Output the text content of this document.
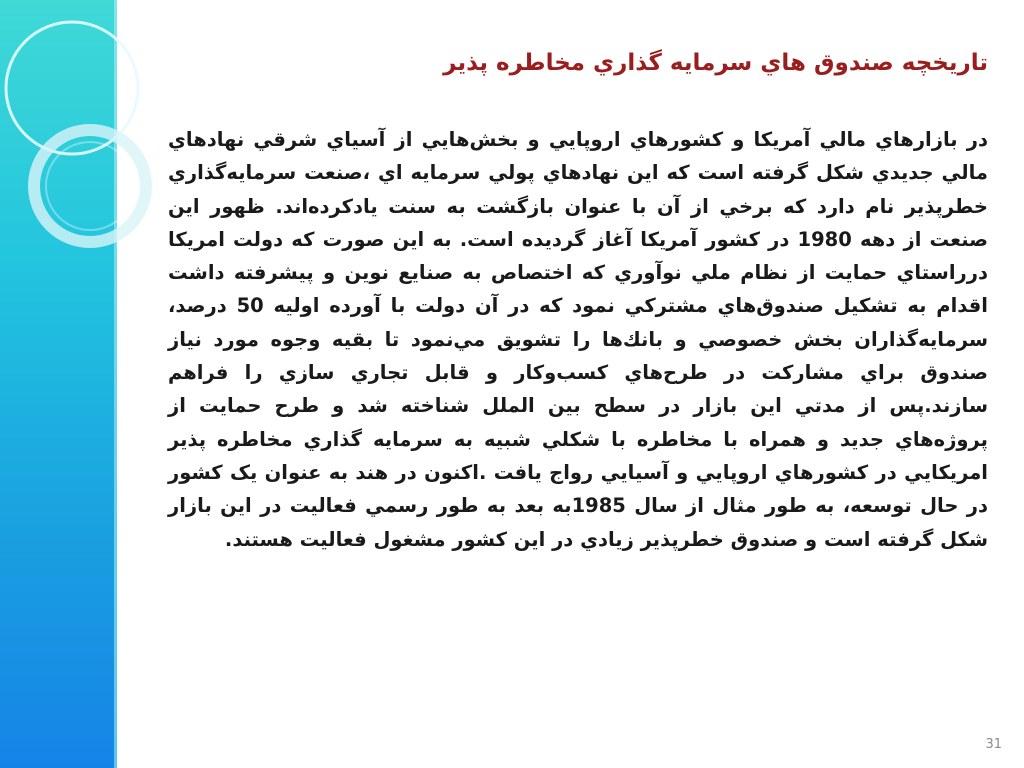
تاريخچه صندوق هاي سرمايه گذاري مخاطره پذير
در بازارهاي مالي آمريكا و كشورهاي اروپايي و بخش‌هايي از آسياي شرقي نهادهاي مالي جديدي شكل گرفته است كه اين نهادهاي پولي سرمايه اي ،صنعت سرمايه‌گذاري خطرپذير نام دارد كه برخي از آن با عنوان بازگشت به سنت يادكرده‌اند. ظهور اين صنعت از دهه 1980 در كشور آمريكا آغاز گرديده است. به اين صورت كه دولت امريكا درراستاي حمايت از نظام ملي نوآوري كه اختصاص به صنايع نوين و پيشرفته داشت اقدام به تشكيل صندوق‌هاي مشتركي نمود كه در آن دولت با آورده اوليه 50 درصد، سرمايه‌گذاران بخش خصوصي و بانك‌ها را تشويق مي‌نمود تا بقيه وجوه مورد نياز صندوق براي مشاركت در طرح‌هاي كسب‌وكار و قابل تجاري سازي را فراهم سازند.پس از مدتي اين بازار در سطح بين الملل شناخته شد و طرح حمايت از پروژه‌هاي جديد و همراه با مخاطره با شكلي شبيه به سرمايه گذاري مخاطره پذير امريكايي در كشورهاي اروپايي و آسيايي رواج يافت .اكنون در هند به عنوان يک كشور در حال توسعه، به طور مثال از سال 1985به بعد به طور رسمي فعاليت در اين بازار شكل گرفته است و صندوق خطرپذير زيادي در اين كشور مشغول فعاليت هستند.
31
